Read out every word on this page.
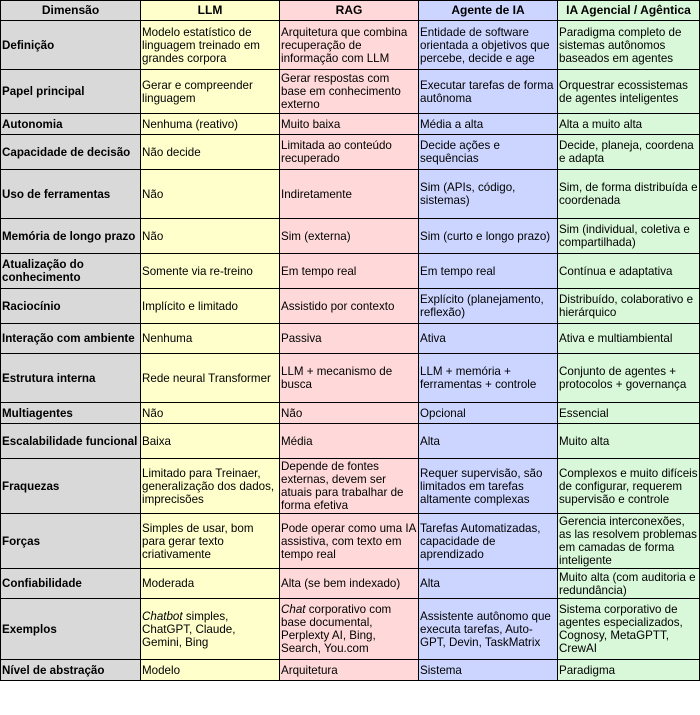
Dimensão	LLM	RAG	Agente de IA	IA Agencial / Agêntica
Definição	Modelo estatístico de linguagem treinado em grandes corpora	Arquitetura que combina recuperação de informação com LLM	Entidade de software orientada a objetivos que percebe, decide e age	Paradigma completo de sistemas autônomos baseados em agentes
Papel principal	Gerar e compreender linguagem	Gerar respostas com base em conhecimento externo	Executar tarefas de forma autônoma	Orquestrar ecossistemas de agentes inteligentes
Autonomia	Nenhuma (reativo)	Muito baixa	Média a alta	Alta a muito alta
Capacidade de decisão	Não decide	Limitada ao conteúdo recuperado	Decide ações e sequências	Decide, planeja, coordena e adapta
Uso de ferramentas	Não	Indiretamente	Sim (APIs, código, sistemas)	Sim, de forma distribuída e coordenada
Memória de longo prazo	Não	Sim (externa)	Sim (curto e longo prazo)	Sim (individual, coletiva e compartilhada)
Atualização do conhecimento	Somente via re-treino	Em tempo real	Em tempo real	Contínua e adaptativa
Raciocínio	Implícito e limitado	Assistido por contexto	Explícito (planejamento, reflexão)	Distribuído, colaborativo e hierárquico
Interação com ambiente	Nenhuma	Passiva	Ativa	Ativa e multiambiental
Estrutura interna	Rede neural Transformer	LLM + mecanismo de busca	LLM + memória + ferramentas + controle	Conjunto de agentes + protocolos + governança
Multiagentes	Não	Não	Opcional	Essencial
Escalabilidade funcional	Baixa	Média	Alta	Muito alta
Fraquezas	Limitado para Treinaer, generalização dos dados, imprecisões	Depende de fontes externas, devem ser atuais para trabalhar de forma efetiva	Requer supervisão, são limitados em tarefas altamente complexas	Complexos e muito difíceis de configurar, requerem supervisão e controle
Forças	Simples de usar, bom para gerar texto criativamente	Pode operar como uma IA assistiva, com texto em tempo real	Tarefas Automatizadas, capacidade de aprendizado	Gerencia interconexões, as las resolvem problemas em camadas de forma inteligente
Confiabilidade	Moderada	Alta (se bem indexado)	Alta	Muito alta (com auditoria e redundância)
Exemplos	Chatbot simples, ChatGPT, Claude, Gemini, Bing	Chat corporativo com base documental, Perplexty AI, Bing, Search, You.com	Assistente autônomo que executa tarefas, Auto-GPT, Devin, TaskMatrix	Sistema corporativo de agentes especializados, Cognosy, MetaGPTT, CrewAI
Nível de abstração	Modelo	Arquitetura	Sistema	Paradigma
